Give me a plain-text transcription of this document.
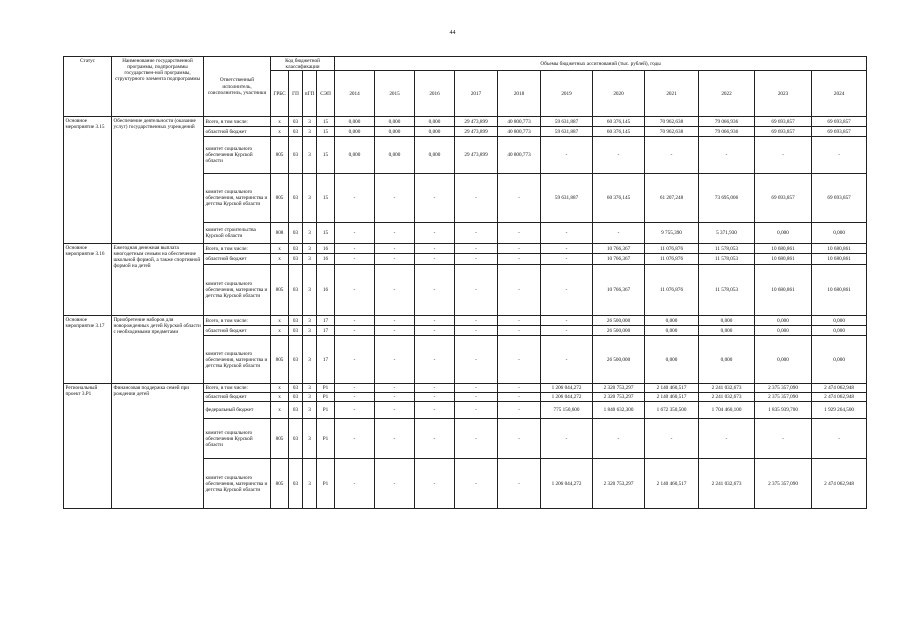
44
Статус	Наименование государственной программы, подпрограммы государствен-ной программы, структурного элемента подпрограммы	Ответственный исполнитель, соисполнитель, участники	Код бюджетной классификации				Объемы бюджетных ассигнований (тыс. рублей), годы										
			ГРБС	ГП	пГП	СЭП	2014	2015	2016	2017	2018	2019	2020	2021	2022	2023	2024
Основное мероприятие 3.15	Обеспечение деятельности (оказание услуг) государственных учреждений	Всего, в том числе:	x	03	3	15	0,000	0,000	0,000	29 473,899	40 800,773	59 631,887	60 376,145	70 962,638	79 066,936	69 693,857	69 693,857
		областной бюджет	x	03	3	15	0,000	0,000	0,000	29 473,899	40 800,773	59 631,887	60 376,145	70 962,638	79 066,936	69 693,857	69 693,857
		комитет социального обеспечения Курской области	805	03	3	15	0,000	0,000	0,000	29 473,899	40 800,773	-	-	-	-	-	-
		комитет социального обеспечения, материнства и детства Курской области	805	03	3	15	-	-	-	-	-	59 631,887	60 376,145	61 207,248	73 695,006	69 693,857	69 693,857
		комитет строительства Курской области	808	03	3	15	-	-	-	-	-	-	-	9 755,390	5 371,930	0,000	0,000
Основное мероприятие 3.16	Ежегодная денежная выплата многодетным семьям на обеспечение школьной формой, а также спортивной формой на детей	Всего, в том числе:	x	03	3	16	-	-	-	-	-	-	10 766,367	11 076,876	11 578,053	10 680,861	10 680,861
		областной бюджет	x	03	3	16	-	-	-	-	-	-	10 766,367	11 076,876	11 578,053	10 680,861	10 680,861
		комитет социального обеспечения, материнства и детства Курской области	805	03	3	16	-	-	-	-	-	-	10 766,367	11 076,876	11 578,053	10 680,861	10 680,861
Основное мероприятие 3.17	Приобретение наборов для новорожденных детей Курской области с необходимыми предметами	Всего, в том числе:	x	03	3	17	-	-	-	-	-	-	26 500,000	0,000	0,000	0,000	0,000
		областной бюджет	x	03	3	17	-	-	-	-	-	-	26 500,000	0,000	0,000	0,000	0,000
		комитет социального обеспечения, материнства и детства Курской области	805	03	3	17	-	-	-	-	-	-	26 500,000	0,000	0,000	0,000	0,000
Региональный проект 3.Р1	Финансовая поддержка семей при рождении детей	Всего, в том числе:	x	03	3	P1	-	-	-	-	-	1 206 044,272	2 320 753,297	2 140 460,517	2 241 032,673	2 375 357,090	2 474 062,948
		областной бюджет	x	03	3	P1	-	-	-	-	-	1 206 044,272	2 320 753,297	2 140 460,517	2 241 032,673	2 375 357,090	2 474 062,948
		федеральный бюджет	x	03	3	P1	-	-	-	-	-	775 150,600	1 840 632,300	1 672 350,500	1 704 460,100	1 835 939,700	1 929 264,500
		комитет социального обеспечения Курской области	805	03	3	P1	-	-	-	-	-	-	-	-	-	-	-
		комитет социального обеспечения, материнства и детства Курской области	805	03	3	P1	-	-	-	-	-	1 206 044,272	2 320 753,297	2 140 460,517	2 241 032,673	2 375 357,090	2 474 062,948
